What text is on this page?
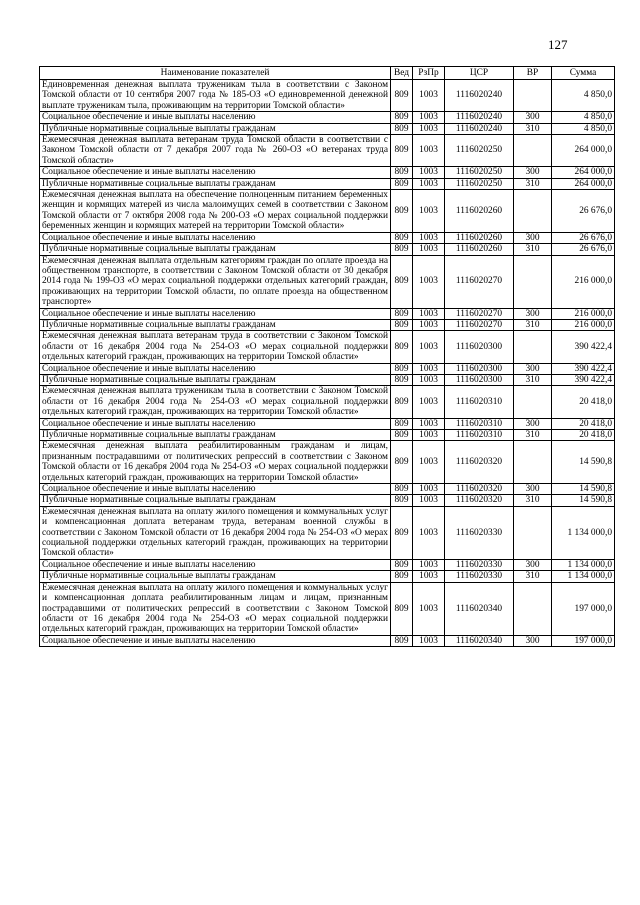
127
Наименование показателей	Вед	РзПр	ЦСР	ВР	Сумма
Единовременная денежная выплата труженикам тыла в соответствии с Законом Томской области от 10 сентября 2007 года № 185-ОЗ «О единовременной денежной выплате труженикам тыла, проживающим на территории Томской области»	809	1003	1116020240		4 850,0
Социальное обеспечение и иные выплаты населению	809	1003	1116020240	300	4 850,0
Публичные нормативные социальные выплаты гражданам	809	1003	1116020240	310	4 850,0
Ежемесячная денежная выплата ветеранам труда Томской области в соответствии с Законом Томской области от 7 декабря 2007 года № 260-ОЗ «О ветеранах труда Томской области»	809	1003	1116020250		264 000,0
Социальное обеспечение и иные выплаты населению	809	1003	1116020250	300	264 000,0
Публичные нормативные социальные выплаты гражданам	809	1003	1116020250	310	264 000,0
Ежемесячная денежная выплата на обеспечение полноценным питанием беременных женщин и кормящих матерей из числа малоимущих семей в соответствии с Законом Томской области от 7 октября 2008 года № 200-ОЗ «О мерах социальной поддержки беременных женщин и кормящих матерей на территории Томской области»	809	1003	1116020260		26 676,0
Социальное обеспечение и иные выплаты населению	809	1003	1116020260	300	26 676,0
Публичные нормативные социальные выплаты гражданам	809	1003	1116020260	310	26 676,0
Ежемесячная денежная выплата отдельным категориям граждан по оплате проезда на общественном транспорте, в соответствии с Законом Томской области от 30 декабря 2014 года № 199-ОЗ «О мерах социальной поддержки отдельных категорий граждан, проживающих на территории Томской области, по оплате проезда на общественном транспорте»	809	1003	1116020270		216 000,0
Социальное обеспечение и иные выплаты населению	809	1003	1116020270	300	216 000,0
Публичные нормативные социальные выплаты гражданам	809	1003	1116020270	310	216 000,0
Ежемесячная денежная выплата ветеранам труда в соответствии с Законом Томской области от 16 декабря 2004 года № 254-ОЗ «О мерах социальной поддержки отдельных категорий граждан, проживающих на территории Томской области»	809	1003	1116020300		390 422,4
Социальное обеспечение и иные выплаты населению	809	1003	1116020300	300	390 422,4
Публичные нормативные социальные выплаты гражданам	809	1003	1116020300	310	390 422,4
Ежемесячная денежная выплата труженикам тыла в соответствии с Законом Томской области от 16 декабря 2004 года № 254-ОЗ «О мерах социальной поддержки отдельных категорий граждан, проживающих на территории Томской области»	809	1003	1116020310		20 418,0
Социальное обеспечение и иные выплаты населению	809	1003	1116020310	300	20 418,0
Публичные нормативные социальные выплаты гражданам	809	1003	1116020310	310	20 418,0
Ежемесячная денежная выплата реабилитированным гражданам и лицам, признанным пострадавшими от политических репрессий в соответствии с Законом Томской области от 16 декабря 2004 года № 254-ОЗ «О мерах социальной поддержки отдельных категорий граждан, проживающих на территории Томской области»	809	1003	1116020320		14 590,8
Социальное обеспечение и иные выплаты населению	809	1003	1116020320	300	14 590,8
Публичные нормативные социальные выплаты гражданам	809	1003	1116020320	310	14 590,8
Ежемесячная денежная выплата на оплату жилого помещения и коммунальных услуг и компенсационная доплата ветеранам труда, ветеранам военной службы в соответствии с Законом Томской области от 16 декабря 2004 года № 254-ОЗ «О мерах социальной поддержки отдельных категорий граждан, проживающих на территории Томской области»	809	1003	1116020330		1 134 000,0
Социальное обеспечение и иные выплаты населению	809	1003	1116020330	300	1 134 000,0
Публичные нормативные социальные выплаты гражданам	809	1003	1116020330	310	1 134 000,0
Ежемесячная денежная выплата на оплату жилого помещения и коммунальных услуг и компенсационная доплата реабилитированным лицам и лицам, признанным пострадавшими от политических репрессий в соответствии с Законом Томской области от 16 декабря 2004 года № 254-ОЗ «О мерах социальной поддержки отдельных категорий граждан, проживающих на территории Томской области»	809	1003	1116020340		197 000,0
Социальное обеспечение и иные выплаты населению	809	1003	1116020340	300	197 000,0
